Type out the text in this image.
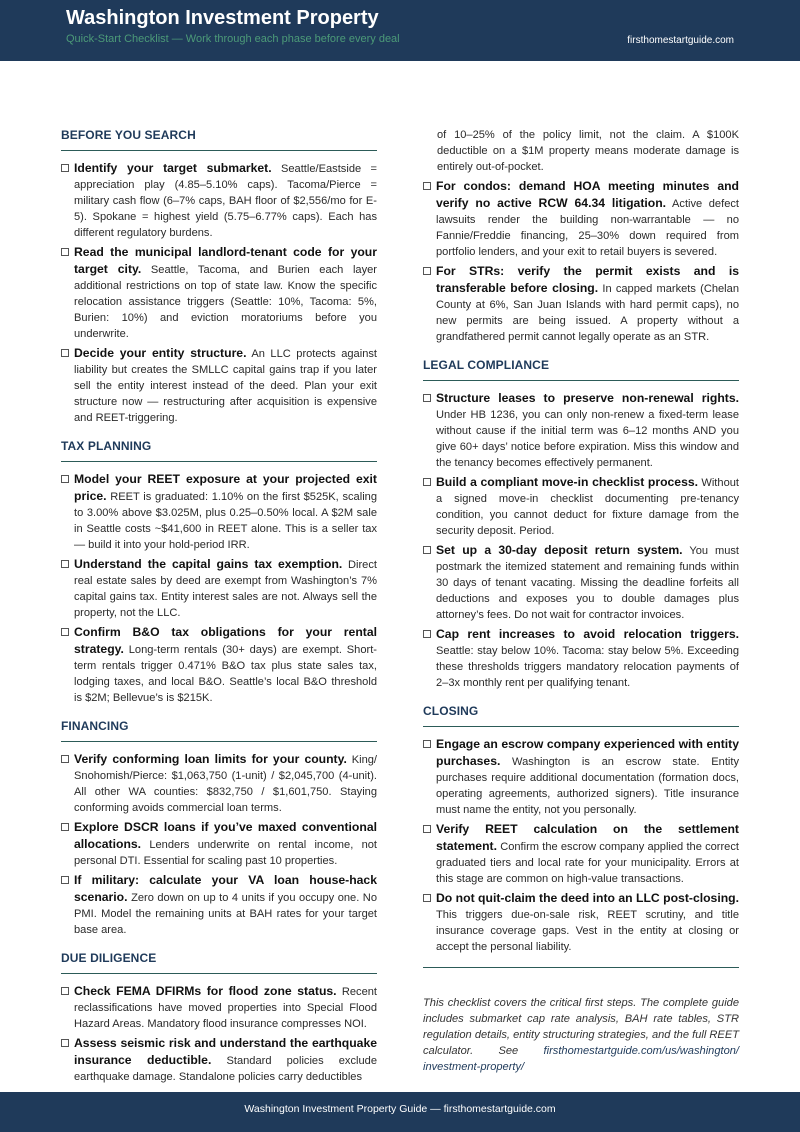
Washington Investment Property
Quick-Start Checklist — Work through each phase before every deal	firsthomestartguide.com
BEFORE YOU SEARCH
Identify your target submarket. Seattle/Eastside = appreciation play (4.85–5.10% caps). Tacoma/Pierce = military cash flow (6–7% caps, BAH floor of $2,556/mo for E-5). Spokane = highest yield (5.75–6.77% caps). Each has different regulatory burdens.
Read the municipal landlord-tenant code for your target city. Seattle, Tacoma, and Burien each layer additional restrictions on top of state law. Know the specific relocation assistance triggers (Seattle: 10%, Tacoma: 5%, Burien: 10%) and eviction moratoriums before you underwrite.
Decide your entity structure. An LLC protects against liability but creates the SMLLC capital gains trap if you later sell the entity interest instead of the deed. Plan your exit structure now — restructuring after acquisition is expensive and REET-triggering.
TAX PLANNING
Model your REET exposure at your projected exit price. REET is graduated: 1.10% on the first $525K, scaling to 3.00% above $3.025M, plus 0.25–0.50% local. A $2M sale in Seattle costs ~$41,600 in REET alone. This is a seller tax — build it into your hold-period IRR.
Understand the capital gains tax exemption. Direct real estate sales by deed are exempt from Washington’s 7% capital gains tax. Entity interest sales are not. Always sell the property, not the LLC.
Confirm B&O tax obligations for your rental strategy. Long-term rentals (30+ days) are exempt. Short-term rentals trigger 0.471% B&O tax plus state sales tax, lodging taxes, and local B&O. Seattle’s local B&O threshold is $2M; Bellevue’s is $215K.
FINANCING
Verify conforming loan limits for your county. King/ Snohomish/Pierce: $1,063,750 (1-unit) / $2,045,700 (4-unit). All other WA counties: $832,750 / $1,601,750. Staying conforming avoids commercial loan terms.
Explore DSCR loans if you’ve maxed conventional allocations. Lenders underwrite on rental income, not personal DTI. Essential for scaling past 10 properties.
If military: calculate your VA loan house-hack scenario. Zero down on up to 4 units if you occupy one. No PMI. Model the remaining units at BAH rates for your target base area.
DUE DILIGENCE
Check FEMA DFIRMs for flood zone status. Recent reclassifications have moved properties into Special Flood Hazard Areas. Mandatory flood insurance compresses NOI.
Assess seismic risk and understand the earthquake insurance deductible. Standard policies exclude earthquake damage. Standalone policies carry deductibles
of 10–25% of the policy limit, not the claim. A $100K deductible on a $1M property means moderate damage is entirely out-of-pocket.
For condos: demand HOA meeting minutes and verify no active RCW 64.34 litigation. Active defect lawsuits render the building non-warrantable — no Fannie/Freddie financing, 25–30% down required from portfolio lenders, and your exit to retail buyers is severed.
For STRs: verify the permit exists and is transferable before closing. In capped markets (Chelan County at 6%, San Juan Islands with hard permit caps), no new permits are being issued. A property without a grandfathered permit cannot legally operate as an STR.
LEGAL COMPLIANCE
Structure leases to preserve non-renewal rights. Under HB 1236, you can only non-renew a fixed-term lease without cause if the initial term was 6–12 months AND you give 60+ days’ notice before expiration. Miss this window and the tenancy becomes effectively permanent.
Build a compliant move-in checklist process. Without a signed move-in checklist documenting pre-tenancy condition, you cannot deduct for fixture damage from the security deposit. Period.
Set up a 30-day deposit return system. You must postmark the itemized statement and remaining funds within 30 days of tenant vacating. Missing the deadline forfeits all deductions and exposes you to double damages plus attorney’s fees. Do not wait for contractor invoices.
Cap rent increases to avoid relocation triggers. Seattle: stay below 10%. Tacoma: stay below 5%. Exceeding these thresholds triggers mandatory relocation payments of 2–3x monthly rent per qualifying tenant.
CLOSING
Engage an escrow company experienced with entity purchases. Washington is an escrow state. Entity purchases require additional documentation (formation docs, operating agreements, authorized signers). Title insurance must name the entity, not you personally.
Verify REET calculation on the settlement statement. Confirm the escrow company applied the correct graduated tiers and local rate for your municipality. Errors at this stage are common on high-value transactions.
Do not quit-claim the deed into an LLC post-closing. This triggers due-on-sale risk, REET scrutiny, and title insurance coverage gaps. Vest in the entity at closing or accept the personal liability.
This checklist covers the critical first steps. The complete guide includes submarket cap rate analysis, BAH rate tables, STR regulation details, entity structuring strategies, and the full REET calculator. See firsthomestartguide.com/us/washington/ investment-property/
Washington Investment Property Guide — firsthomestartguide.com
